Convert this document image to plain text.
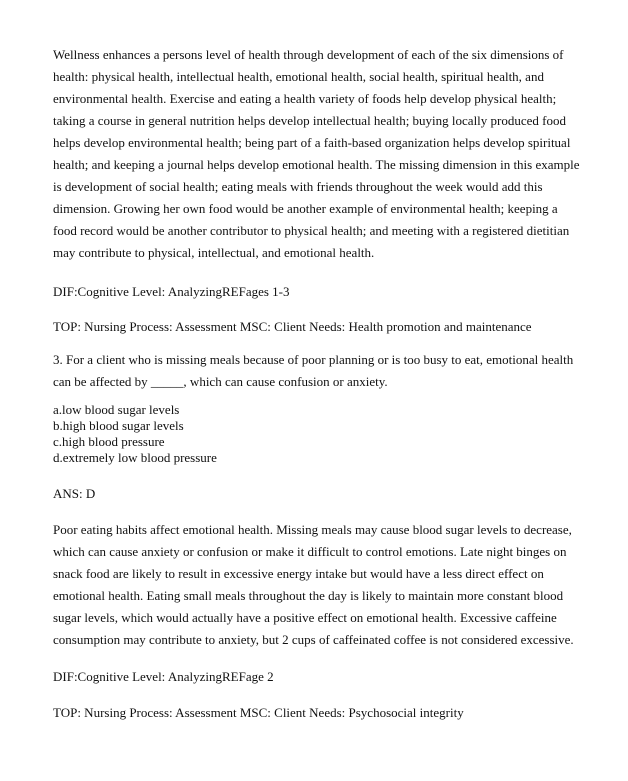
Wellness enhances a persons level of health through development of each of the six dimensions of health: physical health, intellectual health, emotional health, social health, spiritual health, and environmental health. Exercise and eating a health variety of foods help develop physical health; taking a course in general nutrition helps develop intellectual health; buying locally produced food helps develop environmental health; being part of a faith-based organization helps develop spiritual health; and keeping a journal helps develop emotional health. The missing dimension in this example is development of social health; eating meals with friends throughout the week would add this dimension. Growing her own food would be another example of environmental health; keeping a food record would be another contributor to physical health; and meeting with a registered dietitian may contribute to physical, intellectual, and emotional health.

DIF:Cognitive Level: AnalyzingREFages 1-3

TOP: Nursing Process: Assessment MSC: Client Needs: Health promotion and maintenance

3. For a client who is missing meals because of poor planning or is too busy to eat, emotional health can be affected by _____, which can cause confusion or anxiety.

a.low blood sugar levels
b.high blood sugar levels
c.high blood pressure
d.extremely low blood pressure

ANS: D

Poor eating habits affect emotional health. Missing meals may cause blood sugar levels to decrease, which can cause anxiety or confusion or make it difficult to control emotions. Late night binges on snack food are likely to result in excessive energy intake but would have a less direct effect on emotional health. Eating small meals throughout the day is likely to maintain more constant blood sugar levels, which would actually have a positive effect on emotional health. Excessive caffeine consumption may contribute to anxiety, but 2 cups of caffeinated coffee is not considered excessive.

DIF:Cognitive Level: AnalyzingREFage 2

TOP: Nursing Process: Assessment MSC: Client Needs: Psychosocial integrity
